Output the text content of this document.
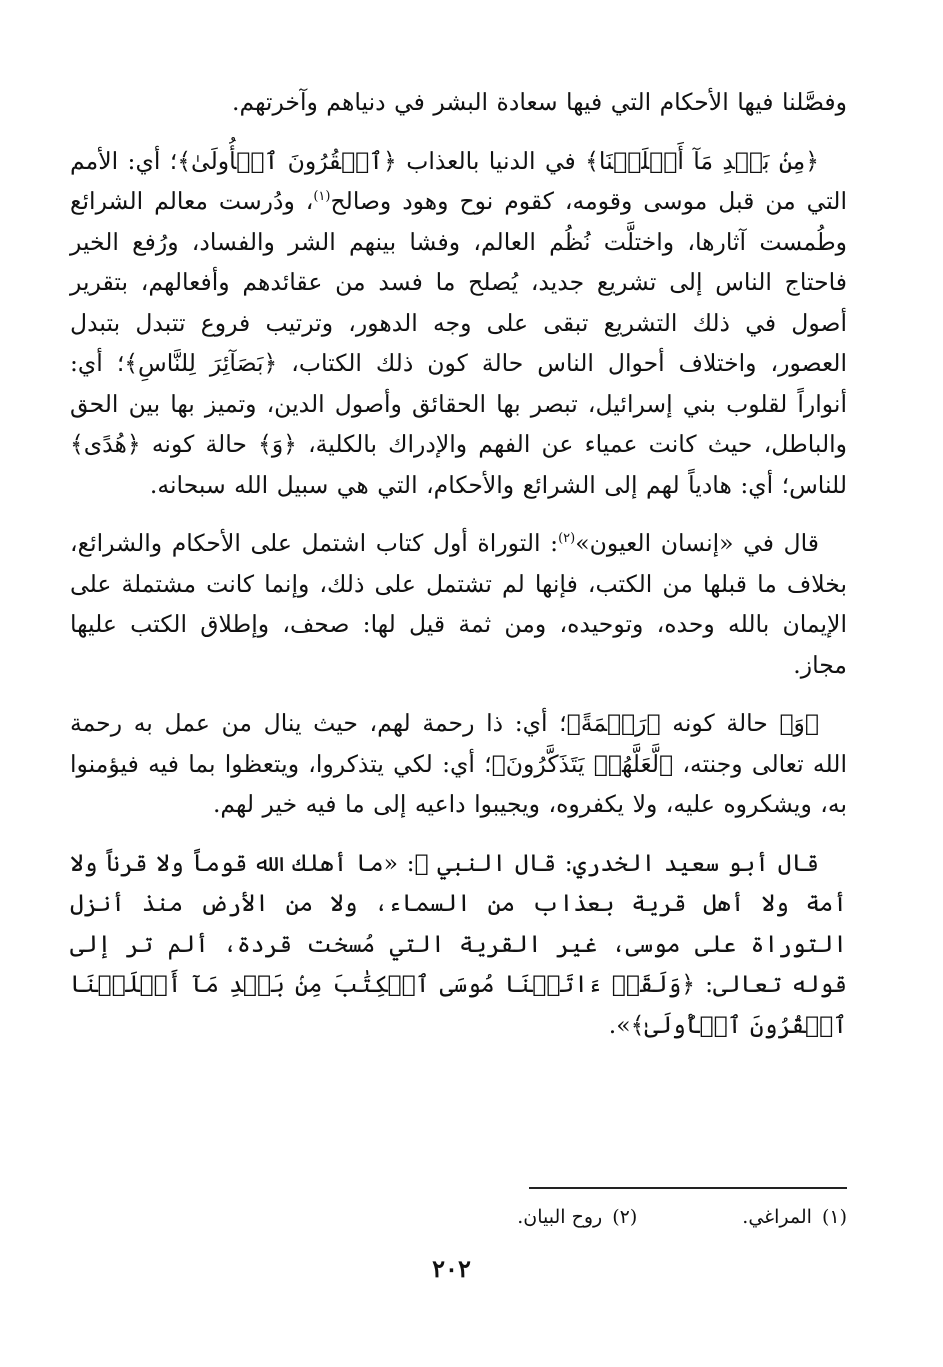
وفصَّلنا فيها الأحكام التي فيها سعادة البشر في دنياهم وآخرتهم.

﴿مِنۢ بَعۡدِ مَآ أَهۡلَكۡنَا﴾ في الدنيا بالعذاب ﴿ٱلۡقُرُونَ ٱلۡأُولَىٰ﴾؛ أي: الأمم التي من قبل موسى وقومه، كقوم نوح وهود وصالح$^{(١)}$، ودُرست معالم الشرائع وطُمست آثارها، واختلَّت نُظُم العالم، وفشا بينهم الشر والفساد، ورُفع الخير فاحتاج الناس إلى تشريع جديد، يُصلح ما فسد من عقائدهم وأفعالهم، بتقرير أصول في ذلك التشريع تبقى على وجه الدهور، وترتيب فروع تتبدل بتبدل العصور، واختلاف أحوال الناس حالة كون ذلك الكتاب، ﴿بَصَآئِرَ لِلنَّاسِ﴾؛ أي: أنواراً لقلوب بني إسرائيل، تبصر بها الحقائق وأصول الدين، وتميز بها بين الحق والباطل، حيث كانت عمياء عن الفهم والإدراك بالكلية، ﴿وَ﴾ حالة كونه ﴿هُدًى﴾ للناس؛ أي: هادياً لهم إلى الشرائع والأحكام، التي هي سبيل الله سبحانه.

قال في «إنسان العيون»$^{(٢)}$: التوراة أول كتاب اشتمل على الأحكام والشرائع، بخلاف ما قبلها من الكتب، فإنها لم تشتمل على ذلك، وإنما كانت مشتملة على الإيمان بالله وحده، وتوحيده، ومن ثمة قيل لها: صحف، وإطلاق الكتب عليها مجاز.

﴿وَ﴾ حالة كونه ﴿رَحۡمَةً﴾؛ أي: ذا رحمة لهم، حيث ينال من عمل به رحمة الله تعالى وجنته، ﴿لَّعَلَّهُمۡ يَتَذَكَّرُونَ﴾؛ أي: لكي يتذكروا، ويتعظوا بما فيه فيؤمنوا به، ويشكروه عليه، ولا يكفروه، ويجيبوا داعيه إلى ما فيه خير لهم.

قال أبو سعيد الخدري: قال النبي ﷺ: «ما أهلك الله قوماً ولا قرناً ولا أمة ولا أهل قرية بعذاب من السماء، ولا من الأرض منذ أنزل التوراة على موسى، غير القرية التي مُسخت قردة، ألم تر إلى قوله تعالى: ﴿وَلَقَدۡ ءَاتَيۡنَا مُوسَى ٱلۡكِتَٰبَ مِنۢ بَعۡدِ مَآ أَهۡلَكۡنَا ٱلۡقُرُونَ ٱلۡأُولَىٰ﴾».

(١)المراغي.
(٢)روح البيان.
٢٠٢
